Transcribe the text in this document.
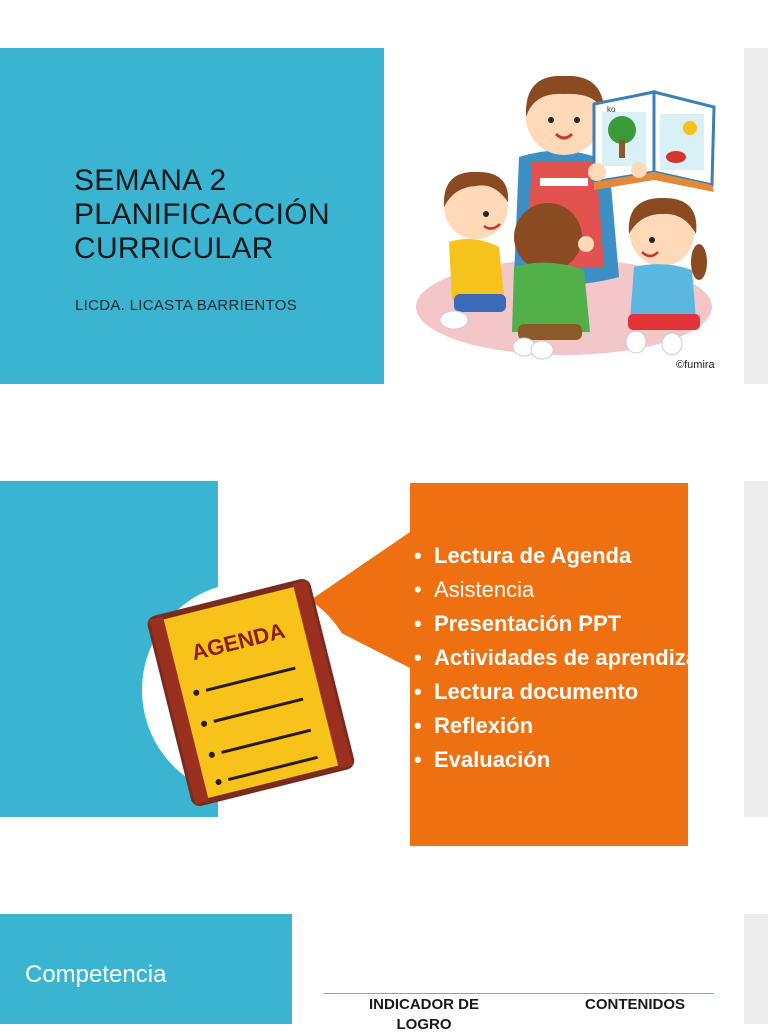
SEMANA 2
PLANIFICACCIÓN
CURRICULAR
LICDA. LICASTA BARRIENTOS
ko
©fumira
AGENDA
• Lectura de Agenda
• Asistencia
• Presentación PPT
• Actividades de aprendizaje
• Lectura documento
• Reflexión
• Evaluación
Competencia
INDICADOR DE LOGRO
CONTENIDOS
